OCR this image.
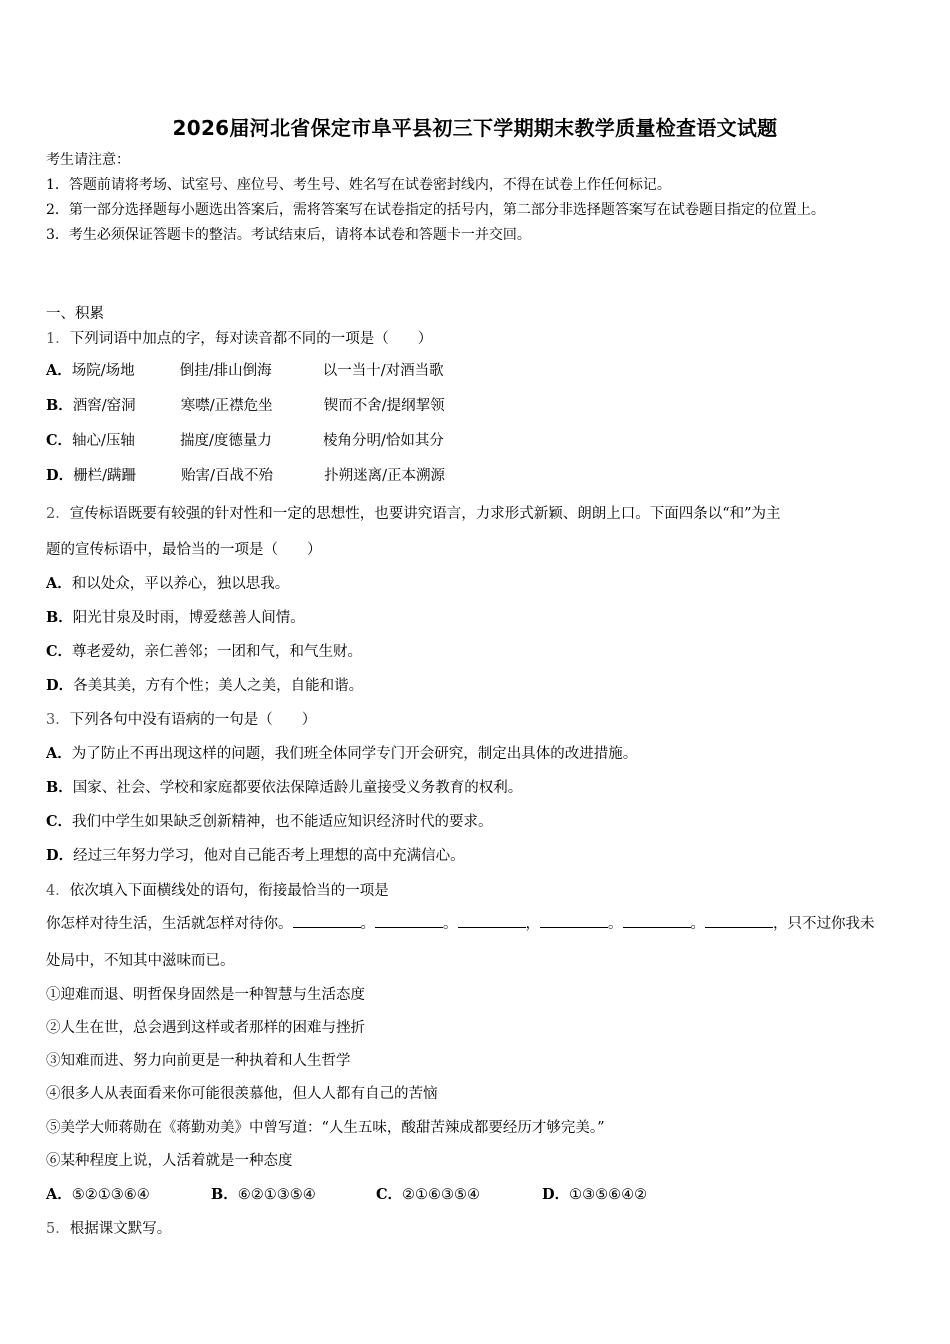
2026届河北省保定市阜平县初三下学期期末教学质量检查语文试题
考生请注意：
1．答题前请将考场、试室号、座位号、考生号、姓名写在试卷密封线内，不得在试卷上作任何标记。
2．第一部分选择题每小题选出答案后，需将答案写在试卷指定的括号内，第二部分非选择题答案写在试卷题目指定的位置上。
3．考生必须保证答题卡的整洁。考试结束后，请将本试卷和答题卡一并交回。
一、积累
1．下列词语中加点的字，每对读音都不同的一项是（　　）
A．场院/场地	倒挂/排山倒海	以一当十/对酒当歌
B．酒窖/窑洞	寒噤/正襟危坐	锲而不舍/提纲挈领
C．轴心/压轴	揣度/度德量力	棱角分明/恰如其分
D．栅栏/蹒跚	贻害/百战不殆	扑朔迷离/正本溯源
2．宣传标语既要有较强的针对性和一定的思想性，也要讲究语言，力求形式新颖、朗朗上口。下面四条以“和”为主
题的宣传标语中，最恰当的一项是（　　）
A．和以处众，平以养心，独以思我。
B．阳光甘泉及时雨，博爱慈善人间情。
C．尊老爱幼，亲仁善邻；一团和气，和气生财。
D．各美其美，方有个性；美人之美，自能和谐。
3．下列各句中没有语病的一句是（　　）
A．为了防止不再出现这样的问题，我们班全体同学专门开会研究，制定出具体的改进措施。
B．国家、社会、学校和家庭都要依法保障适龄儿童接受义务教育的权利。
C．我们中学生如果缺乏创新精神，也不能适应知识经济时代的要求。
D．经过三年努力学习，他对自己能否考上理想的高中充满信心。
4．依次填入下面横线处的语句，衔接最恰当的一项是
你怎样对待生活，生活就怎样对待你。	。	。	，	。	。	，只不过你我未
处局中，不知其中滋味而已。
①迎难而退、明哲保身固然是一种智慧与生活态度
②人生在世，总会遇到这样或者那样的困难与挫折
③知难而进、努力向前更是一种执着和人生哲学
④很多人从表面看来你可能很羡慕他，但人人都有自己的苦恼
⑤美学大师蒋勋在《蒋勤劝美》中曾写道：“人生五味，酸甜苦辣成都要经历才够完美。”
⑥某种程度上说，人活着就是一种态度
A．⑤②①③⑥④	B．⑥②①③⑤④	C．②①⑥③⑤④	D．①③⑤⑥④②
5．根据课文默写。
